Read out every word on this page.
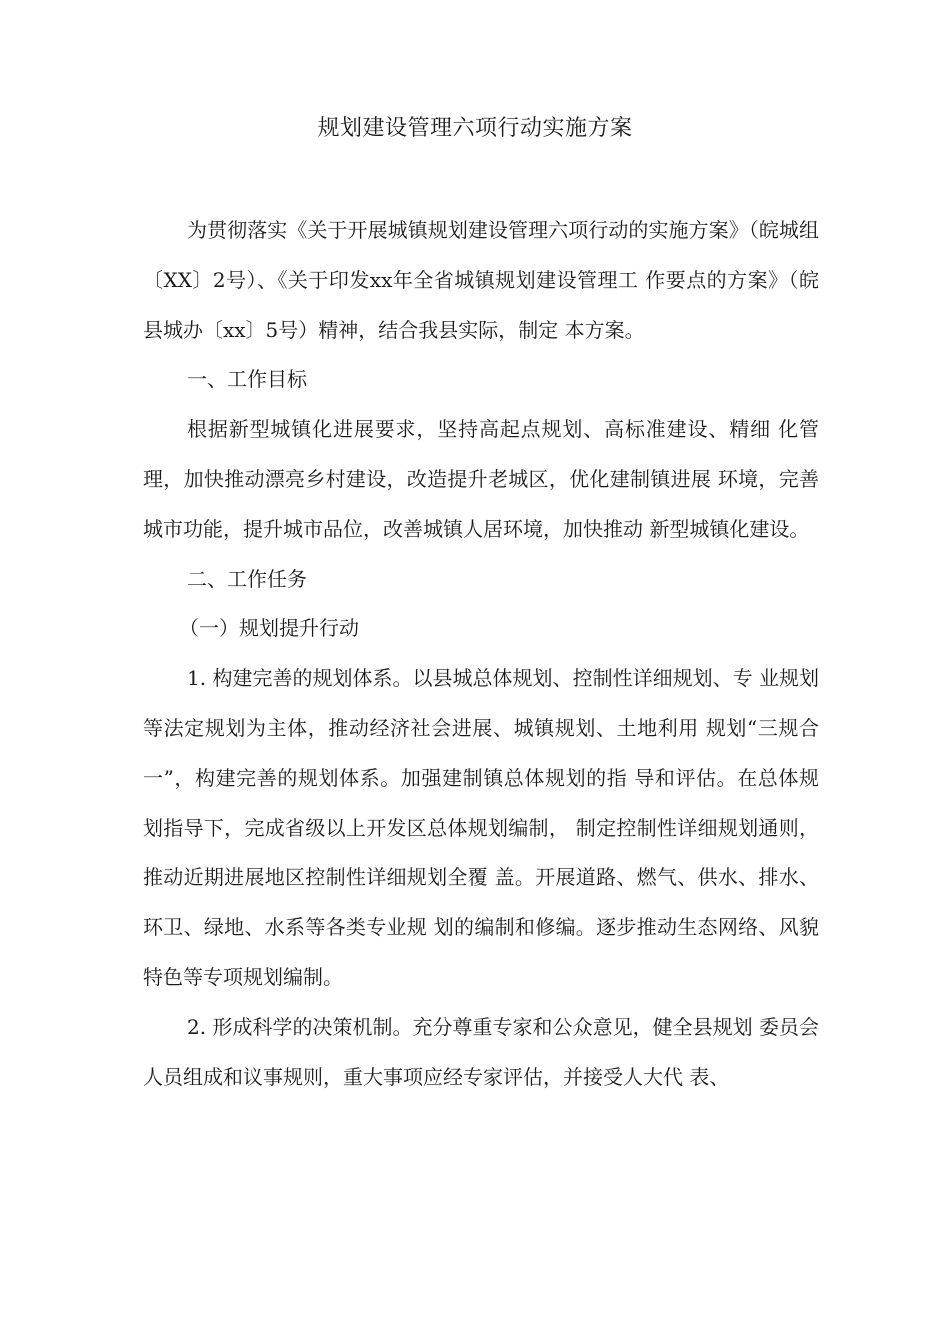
规划建设管理六项行动实施方案

为贯彻落实《关于开展城镇规划建设管理六项行动的实施方案》（皖城组〔XX〕2号）、《关于印发xx年全省城镇规划建设管理工 作要点的方案》（皖县城办〔xx〕5号）精神，结合我县实际，制定 本方案。

一、工作目标

根据新型城镇化进展要求，坚持高起点规划、高标准建设、精细 化管理，加快推动漂亮乡村建设，改造提升老城区，优化建制镇进展 环境，完善城市功能，提升城市品位，改善城镇人居环境，加快推动 新型城镇化建设。

二、工作任务

（一）规划提升行动

1. 构建完善的规划体系。以县城总体规划、控制性详细规划、专 业规划等法定规划为主体，推动经济社会进展、城镇规划、土地利用 规划“三规合一”，构建完善的规划体系。加强建制镇总体规划的指 导和评估。在总体规划指导下，完成省级以上开发区总体规划编制， 制定控制性详细规划通则，推动近期进展地区控制性详细规划全覆 盖。开展道路、燃气、供水、排水、环卫、绿地、水系等各类专业规 划的编制和修编。逐步推动生态网络、风貌特色等专项规划编制。

2. 形成科学的决策机制。充分尊重专家和公众意见，健全县规划 委员会人员组成和议事规则，重大事项应经专家评估，并接受人大代 表、
